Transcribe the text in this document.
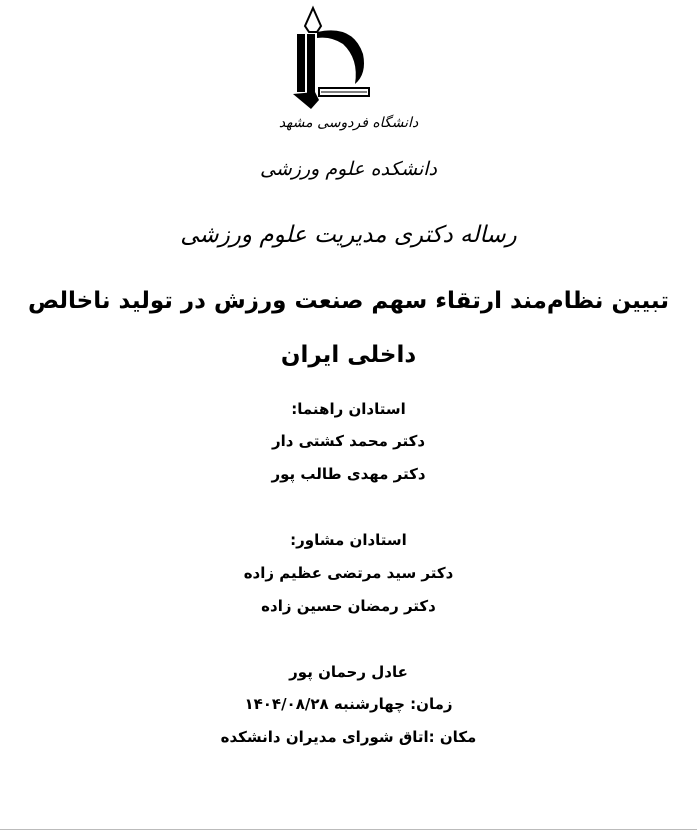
دانشگاه فردوسی مشهد
دانشکده علوم ورزشی
رساله دکتری مدیریت علوم ورزشی
تبیین نظام‌مند ارتقاء سهم صنعت ورزش در تولید ناخالص
داخلی ایران
استادان راهنما:
دکتر محمد کشتی دار
دکتر مهدی طالب پور
استادان مشاور:
دکتر سید مرتضی عظیم زاده
دکتر رمضان حسین زاده
عادل رحمان پور
زمان: چهارشنبه ۱۴۰۴/۰۸/۲۸
مکان :اتاق شورای مدیران دانشکده
